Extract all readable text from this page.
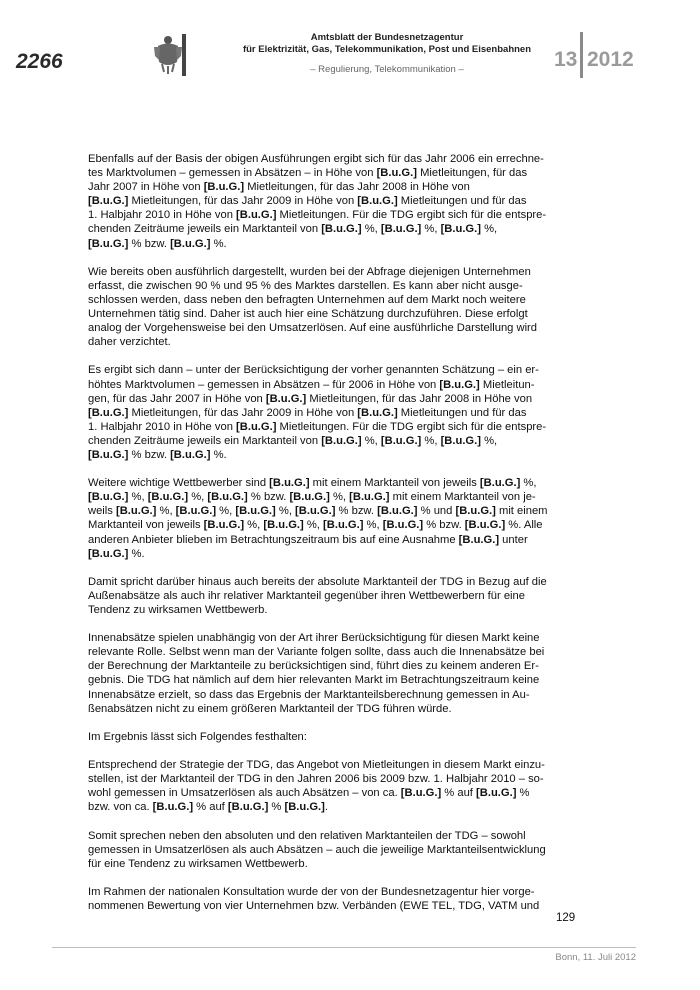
2266
Amtsblatt der Bundesnetzagentur
für Elektrizität, Gas, Telekommunikation, Post und Eisenbahnen
– Regulierung, Telekommunikation –	13 2012

Ebenfalls auf der Basis der obigen Ausführungen ergibt sich für das Jahr 2006 ein errechne-
tes Marktvolumen – gemessen in Absätzen – in Höhe von [B.u.G.] Mietleitungen, für das
Jahr 2007 in Höhe von [B.u.G.] Mietleitungen, für das Jahr 2008 in Höhe von
[B.u.G.] Mietleitungen, für das Jahr 2009 in Höhe von [B.u.G.] Mietleitungen und für das
1. Halbjahr 2010 in Höhe von [B.u.G.] Mietleitungen. Für die TDG ergibt sich für die entspre-
chenden Zeiträume jeweils ein Marktanteil von [B.u.G.] %, [B.u.G.] %, [B.u.G.] %,
[B.u.G.] % bzw. [B.u.G.] %.

Wie bereits oben ausführlich dargestellt, wurden bei der Abfrage diejenigen Unternehmen
erfasst, die zwischen 90 % und 95 % des Marktes darstellen. Es kann aber nicht ausge-
schlossen werden, dass neben den befragten Unternehmen auf dem Markt noch weitere
Unternehmen tätig sind. Daher ist auch hier eine Schätzung durchzuführen. Diese erfolgt
analog der Vorgehensweise bei den Umsatzerlösen. Auf eine ausführliche Darstellung wird
daher verzichtet.

Es ergibt sich dann – unter der Berücksichtigung der vorher genannten Schätzung – ein er-
höhtes Marktvolumen – gemessen in Absätzen – für 2006 in Höhe von [B.u.G.] Mietleitun-
gen, für das Jahr 2007 in Höhe von [B.u.G.] Mietleitungen, für das Jahr 2008 in Höhe von
[B.u.G.] Mietleitungen, für das Jahr 2009 in Höhe von [B.u.G.] Mietleitungen und für das
1. Halbjahr 2010 in Höhe von [B.u.G.] Mietleitungen. Für die TDG ergibt sich für die entspre-
chenden Zeiträume jeweils ein Marktanteil von [B.u.G.] %, [B.u.G.] %, [B.u.G.] %,
[B.u.G.] % bzw. [B.u.G.] %.

Weitere wichtige Wettbewerber sind [B.u.G.] mit einem Marktanteil von jeweils [B.u.G.] %,
[B.u.G.] %, [B.u.G.] %, [B.u.G.] % bzw. [B.u.G.] %, [B.u.G.] mit einem Marktanteil von je-
weils [B.u.G.] %, [B.u.G.] %, [B.u.G.] %, [B.u.G.] % bzw. [B.u.G.] % und [B.u.G.] mit einem
Marktanteil von jeweils [B.u.G.] %, [B.u.G.] %, [B.u.G.] %, [B.u.G.] % bzw. [B.u.G.] %. Alle
anderen Anbieter blieben im Betrachtungszeitraum bis auf eine Ausnahme [B.u.G.] unter
[B.u.G.] %.

Damit spricht darüber hinaus auch bereits der absolute Marktanteil der TDG in Bezug auf die
Außenabsätze als auch ihr relativer Marktanteil gegenüber ihren Wettbewerbern für eine
Tendenz zu wirksamen Wettbewerb.

Innenabsätze spielen unabhängig von der Art ihrer Berücksichtigung für diesen Markt keine
relevante Rolle. Selbst wenn man der Variante folgen sollte, dass auch die Innenabsätze bei
der Berechnung der Marktanteile zu berücksichtigen sind, führt dies zu keinem anderen Er-
gebnis. Die TDG hat nämlich auf dem hier relevanten Markt im Betrachtungszeitraum keine
Innenabsätze erzielt, so dass das Ergebnis der Marktanteilsberechnung gemessen in Au-
ßenabsätzen nicht zu einem größeren Marktanteil der TDG führen würde.

Im Ergebnis lässt sich Folgendes festhalten:

Entsprechend der Strategie der TDG, das Angebot von Mietleitungen in diesem Markt einzu-
stellen, ist der Marktanteil der TDG in den Jahren 2006 bis 2009 bzw. 1. Halbjahr 2010 – so-
wohl gemessen in Umsatzerlösen als auch Absätzen – von ca. [B.u.G.] % auf [B.u.G.] %
bzw. von ca. [B.u.G.] % auf [B.u.G.] % [B.u.G.].

Somit sprechen neben den absoluten und den relativen Marktanteilen der TDG – sowohl
gemessen in Umsatzerlösen als auch Absätzen – auch die jeweilige Marktanteilsentwicklung
für eine Tendenz zu wirksamen Wettbewerb.

Im Rahmen der nationalen Konsultation wurde der von der Bundesnetzagentur hier vorge-
nommenen Bewertung von vier Unternehmen bzw. Verbänden (EWE TEL, TDG, VATM und

129
Bonn, 11. Juli 2012
